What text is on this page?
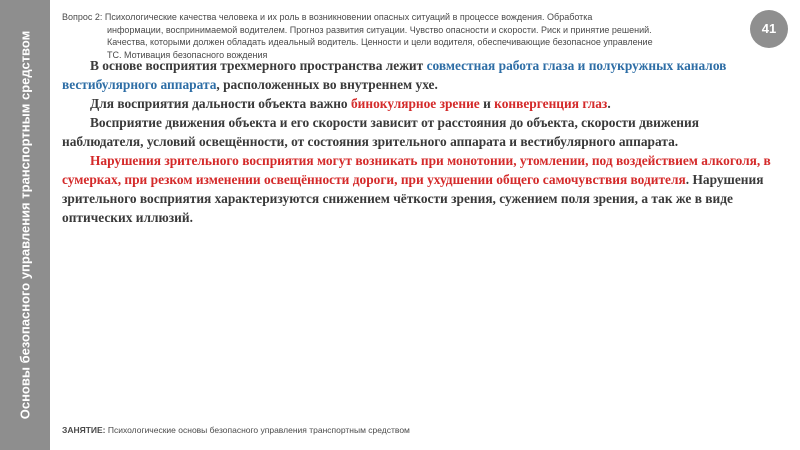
Основы безопасного управления транспортным средством
Вопрос 2: Психологические качества человека и их роль в возникновении опасных ситуаций в процессе вождения. Обработка
информации, воспринимаемой водителем. Прогноз развития ситуации. Чувство опасности и скорости. Риск и принятие решений.
Качества, которыми должен обладать идеальный водитель. Ценности и цели водителя, обеспечивающие безопасное управление
ТС. Мотивация безопасного вождения
41

В основе восприятия трехмерного пространства лежит совместная работа глаза и полукружных каналов вестибулярного аппарата, расположенных во внутреннем ухе.

Для восприятия дальности объекта важно бинокулярное зрение и конвергенция глаз.

Восприятие движения объекта и его скорости зависит от расстояния до объекта, скорости движения наблюдателя, условий освещённости, от состояния зрительного аппарата и вестибулярного аппарата.

Нарушения зрительного восприятия могут возникать при монотонии, утомлении, под воздействием алкоголя, в сумерках, при резком изменении освещённости дороги, при ухудшении общего самочувствия водителя. Нарушения зрительного восприятия характеризуются снижением чёткости зрения, сужением поля зрения, а так же в виде оптических иллюзий.

ЗАНЯТИЕ: Психологические основы безопасного управления транспортным средством
